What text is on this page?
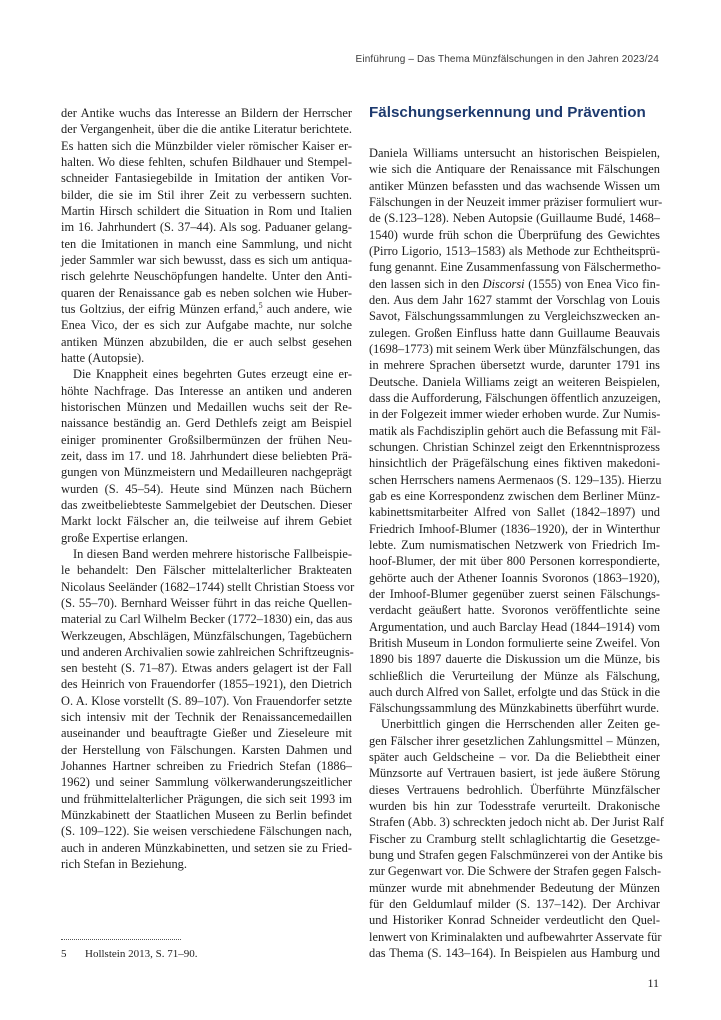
Einführung – Das Thema Münzfälschungen in den Jahren 2023/24
der Antike wuchs das Interesse an Bildern der Herrscher
der Vergangenheit, über die die antike Literatur berichtete.
Es hatten sich die Münzbilder vieler römischer Kaiser er-
halten. Wo diese fehlten, schufen Bildhauer und Stempel-
schneider Fantasiegebilde in Imitation der antiken Vor-
bilder, die sie im Stil ihrer Zeit zu verbessern suchten.
Martin Hirsch schildert die Situation in Rom und Italien
im 16. Jahrhundert (S. 37–44). Als sog. Paduaner gelang-
ten die Imitationen in manch eine Sammlung, und nicht
jeder Sammler war sich bewusst, dass es sich um antiqua-
risch gelehrte Neuschöpfungen handelte. Unter den Anti-
quaren der Renaissance gab es neben solchen wie Huber-
tus Goltzius, der eifrig Münzen erfand,$^5$ auch andere, wie
Enea Vico, der es sich zur Aufgabe machte, nur solche
antiken Münzen abzubilden, die er auch selbst gesehen
hatte (Autopsie).
Die Knappheit eines begehrten Gutes erzeugt eine er-
höhte Nachfrage. Das Interesse an antiken und anderen
historischen Münzen und Medaillen wuchs seit der Re-
naissance beständig an. Gerd Dethlefs zeigt am Beispiel
einiger prominenter Großsilbermünzen der frühen Neu-
zeit, dass im 17. und 18. Jahrhundert diese beliebten Prä-
gungen von Münzmeistern und Medailleuren nachgeprägt
wurden (S. 45–54). Heute sind Münzen nach Büchern
das zweitbeliebteste Sammelgebiet der Deutschen. Dieser
Markt lockt Fälscher an, die teilweise auf ihrem Gebiet
große Expertise erlangen.
In diesen Band werden mehrere historische Fallbeispie-
le behandelt: Den Fälscher mittelalterlicher Brakteaten
Nicolaus Seeländer (1682–1744) stellt Christian Stoess vor
(S. 55–70). Bernhard Weisser führt in das reiche Quellen-
material zu Carl Wilhelm Becker (1772–1830) ein, das aus
Werkzeugen, Abschlägen, Münzfälschungen, Tagebüchern
und anderen Archivalien sowie zahlreichen Schriftzeugnis-
sen besteht (S. 71–87). Etwas anders gelagert ist der Fall
des Heinrich von Frauendorfer (1855–1921), den Dietrich
O. A. Klose vorstellt (S. 89–107). Von Frauendorfer setzte
sich intensiv mit der Technik der Renaissancemedaillen
auseinander und beauftragte Gießer und Zieseleure mit
der Herstellung von Fälschungen. Karsten Dahmen und
Johannes Hartner schreiben zu Friedrich Stefan (1886–
1962) und seiner Sammlung völkerwanderungszeitlicher
und frühmittelalterlicher Prägungen, die sich seit 1993 im
Münzkabinett der Staatlichen Museen zu Berlin befindet
(S. 109–122). Sie weisen verschiedene Fälschungen nach,
auch in anderen Münzkabinetten, und setzen sie zu Fried-
rich Stefan in Beziehung.
Fälschungserkennung und Prävention
Daniela Williams untersucht an historischen Beispielen,
wie sich die Antiquare der Renaissance mit Fälschungen
antiker Münzen befassten und das wachsende Wissen um
Fälschungen in der Neuzeit immer präziser formuliert wur-
de (S.123–128). Neben Autopsie (Guillaume Budé, 1468–
1540) wurde früh schon die Überprüfung des Gewichtes
(Pirro Ligorio, 1513–1583) als Methode zur Echtheitsprü-
fung genannt. Eine Zusammenfassung von Fälschermetho-
den lassen sich in den Discorsi (1555) von Enea Vico fin-
den. Aus dem Jahr 1627 stammt der Vorschlag von Louis
Savot, Fälschungssammlungen zu Vergleichszwecken an-
zulegen. Großen Einfluss hatte dann Guillaume Beauvais
(1698–1773) mit seinem Werk über Münzfälschungen, das
in mehrere Sprachen übersetzt wurde, darunter 1791 ins
Deutsche. Daniela Williams zeigt an weiteren Beispielen,
dass die Aufforderung, Fälschungen öffentlich anzuzeigen,
in der Folgezeit immer wieder erhoben wurde. Zur Numis-
matik als Fachdisziplin gehört auch die Befassung mit Fäl-
schungen. Christian Schinzel zeigt den Erkenntnisprozess
hinsichtlich der Prägefälschung eines fiktiven makedoni-
schen Herrschers namens Aermenaos (S. 129–135). Hierzu
gab es eine Korrespondenz zwischen dem Berliner Münz-
kabinettsmitarbeiter Alfred von Sallet (1842–1897) und
Friedrich Imhoof-Blumer (1836–1920), der in Winterthur
lebte. Zum numismatischen Netzwerk von Friedrich Im-
hoof-Blumer, der mit über 800 Personen korrespondierte,
gehörte auch der Athener Ioannis Svoronos (1863–1920),
der Imhoof-Blumer gegenüber zuerst seinen Fälschungs-
verdacht geäußert hatte. Svoronos veröffentlichte seine
Argumentation, und auch Barclay Head (1844–1914) vom
British Museum in London formulierte seine Zweifel. Von
1890 bis 1897 dauerte die Diskussion um die Münze, bis
schließlich die Verurteilung der Münze als Fälschung,
auch durch Alfred von Sallet, erfolgte und das Stück in die
Fälschungssammlung des Münzkabinetts überführt wurde.
Unerbittlich gingen die Herrschenden aller Zeiten ge-
gen Fälscher ihrer gesetzlichen Zahlungsmittel – Münzen,
später auch Geldscheine – vor. Da die Beliebtheit einer
Münzsorte auf Vertrauen basiert, ist jede äußere Störung
dieses Vertrauens bedrohlich. Überführte Münzfälscher
wurden bis hin zur Todesstrafe verurteilt. Drakonische
Strafen (Abb. 3) schreckten jedoch nicht ab. Der Jurist Ralf
Fischer zu Cramburg stellt schlaglichtartig die Gesetzge-
bung und Strafen gegen Falschmünzerei von der Antike bis
zur Gegenwart vor. Die Schwere der Strafen gegen Falsch-
münzer wurde mit abnehmender Bedeutung der Münzen
für den Geldumlauf milder (S. 137–142). Der Archivar
und Historiker Konrad Schneider verdeutlicht den Quel-
lenwert von Kriminalakten und aufbewahrter Asservate für
das Thema (S. 143–164). In Beispielen aus Hamburg und
5 Hollstein 2013, S. 71–90.
11
